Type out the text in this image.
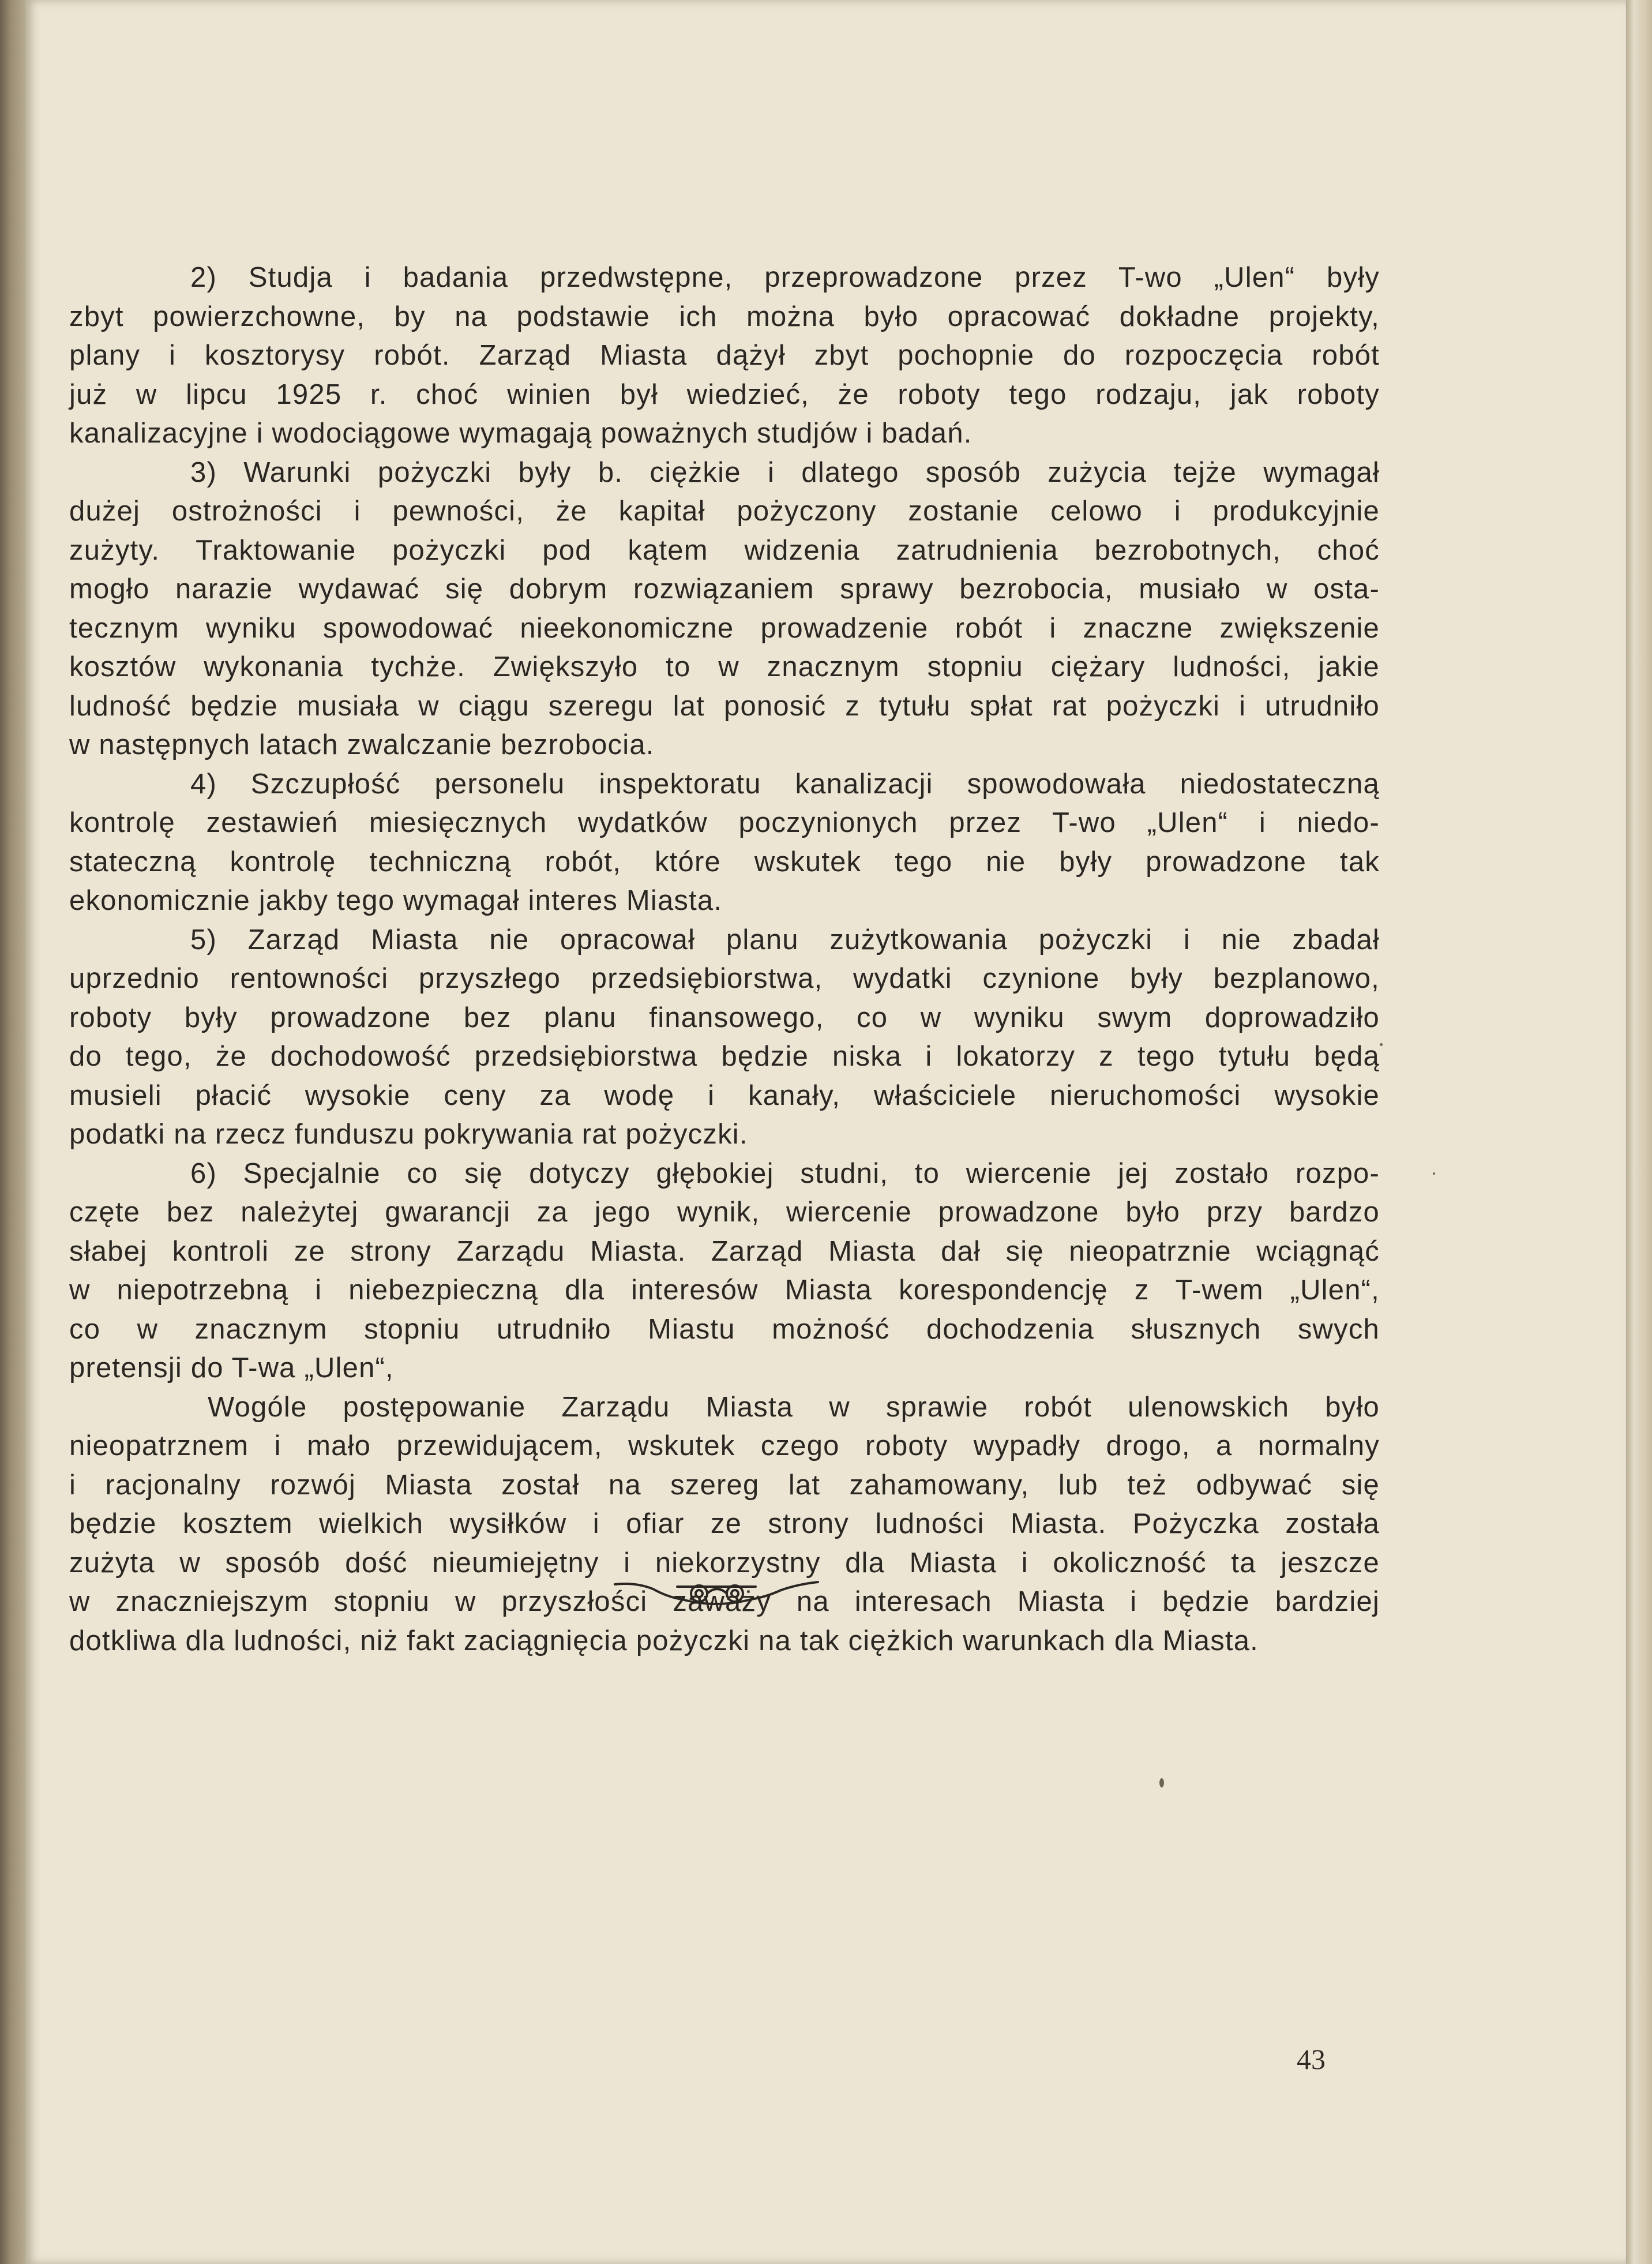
2) Studja i badania przedwstępne, przeprowadzone przez T-wo „Ulen“ były
zbyt powierzchowne, by na podstawie ich można było opracować dokładne projekty,
plany i kosztorysy robót. Zarząd Miasta dążył zbyt pochopnie do rozpoczęcia robót
już w lipcu 1925 r. choć winien był wiedzieć, że roboty tego rodzaju, jak roboty
kanalizacyjne i wodociągowe wymagają poważnych studjów i badań.
3) Warunki pożyczki były b. ciężkie i dlatego sposób zużycia tejże wymagał
dużej ostrożności i pewności, że kapitał pożyczony zostanie celowo i produkcyjnie
zużyty. Traktowanie pożyczki pod kątem widzenia zatrudnienia bezrobotnych, choć
mogło narazie wydawać się dobrym rozwiązaniem sprawy bezrobocia, musiało w osta-
tecznym wyniku spowodować nieekonomiczne prowadzenie robót i znaczne zwiększenie
kosztów wykonania tychże. Zwiększyło to w znacznym stopniu ciężary ludności, jakie
ludność będzie musiała w ciągu szeregu lat ponosić z tytułu spłat rat pożyczki i utrudniło
w następnych latach zwalczanie bezrobocia.
4) Szczupłość personelu inspektoratu kanalizacji spowodowała niedostateczną
kontrolę zestawień miesięcznych wydatków poczynionych przez T-wo „Ulen“ i niedo-
stateczną kontrolę techniczną robót, które wskutek tego nie były prowadzone tak
ekonomicznie jakby tego wymagał interes Miasta.
5) Zarząd Miasta nie opracował planu zużytkowania pożyczki i nie zbadał
uprzednio rentowności przyszłego przedsiębiorstwa, wydatki czynione były bezplanowo,
roboty były prowadzone bez planu finansowego, co w wyniku swym doprowadziło
do tego, że dochodowość przedsiębiorstwa będzie niska i lokatorzy z tego tytułu będą
musieli płacić wysokie ceny za wodę i kanały, właściciele nieruchomości wysokie
podatki na rzecz funduszu pokrywania rat pożyczki.
6) Specjalnie co się dotyczy głębokiej studni, to wiercenie jej zostało rozpo-
częte bez należytej gwarancji za jego wynik, wiercenie prowadzone było przy bardzo
słabej kontroli ze strony Zarządu Miasta. Zarząd Miasta dał się nieopatrznie wciągnąć
w niepotrzebną i niebezpieczną dla interesów Miasta korespondencję z T-wem „Ulen“,
co w znacznym stopniu utrudniło Miastu możność dochodzenia słusznych swych
pretensji do T-wa „Ulen“,
Wogóle postępowanie Zarządu Miasta w sprawie robót ulenowskich było
nieopatrznem i mało przewidującem, wskutek czego roboty wypadły drogo, a normalny
i racjonalny rozwój Miasta został na szereg lat zahamowany, lub też odbywać się
będzie kosztem wielkich wysiłków i ofiar ze strony ludności Miasta. Pożyczka została
zużyta w sposób dość nieumiejętny i niekorzystny dla Miasta i okoliczność ta jeszcze
w znaczniejszym stopniu w przyszłości zaważy na interesach Miasta i będzie bardziej
dotkliwa dla ludności, niż fakt zaciągnięcia pożyczki na tak ciężkich warunkach dla Miasta.
43
